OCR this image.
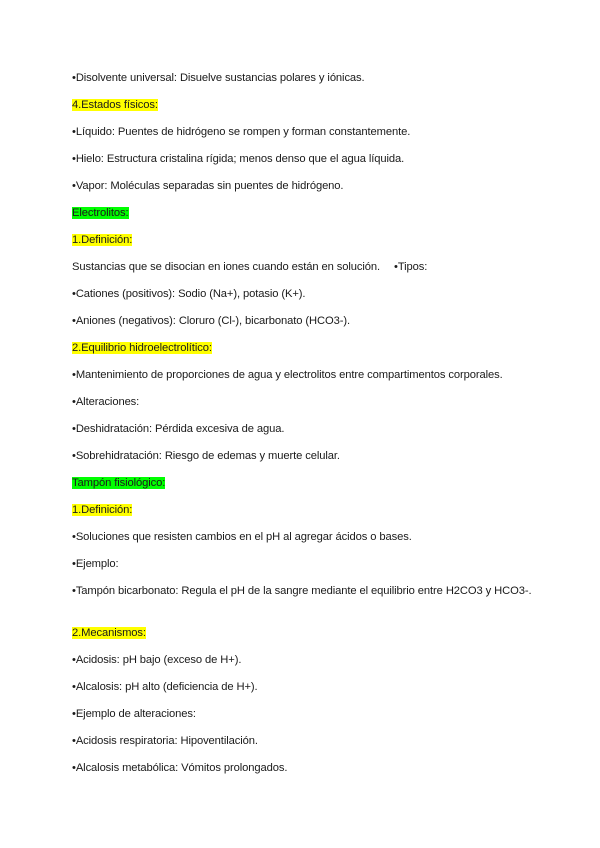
•Disolvente universal: Disuelve sustancias polares y iónicas.
4.Estados físicos:
•Líquido: Puentes de hidrógeno se rompen y forman constantemente.
•Hielo: Estructura cristalina rígida; menos denso que el agua líquida.
•Vapor: Moléculas separadas sin puentes de hidrógeno.
Electrolitos:
1.Definición:
Sustancias que se disocian en iones cuando están en solución. •Tipos:
•Cationes (positivos): Sodio (Na+), potasio (K+).
•Aniones (negativos): Cloruro (Cl-), bicarbonato (HCO3-).
2.Equilibrio hidroelectrolítico:
•Mantenimiento de proporciones de agua y electrolitos entre compartimentos corporales.
•Alteraciones:
•Deshidratación: Pérdida excesiva de agua.
•Sobrehidratación: Riesgo de edemas y muerte celular.
Tampón fisiológico:
1.Definición:
•Soluciones que resisten cambios en el pH al agregar ácidos o bases.
•Ejemplo:
•Tampón bicarbonato: Regula el pH de la sangre mediante el equilibrio entre H2CO3 y HCO3-.
2.Mecanismos:
•Acidosis: pH bajo (exceso de H+).
•Alcalosis: pH alto (deficiencia de H+).
•Ejemplo de alteraciones:
•Acidosis respiratoria: Hipoventilación.
•Alcalosis metabólica: Vómitos prolongados.
